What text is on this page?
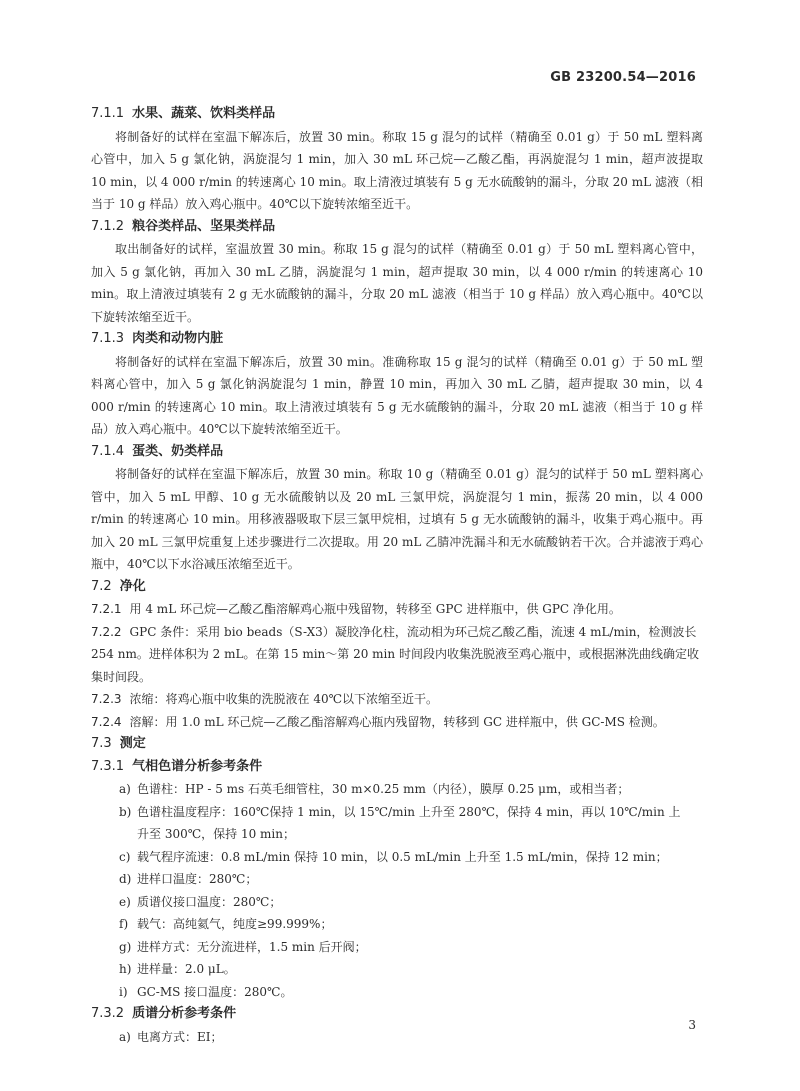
GB 23200.54—2016
7.1.1 水果、蔬菜、饮料类样品

将制备好的试样在室温下解冻后，放置 30 min。称取 15 g 混匀的试样（精确至 0.01 g）于 50 mL 塑料离心管中，加入 5 g 氯化钠，涡旋混匀 1 min，加入 30 mL 环己烷—乙酸乙酯，再涡旋混匀 1 min，超声波提取 10 min，以 4 000 r/min 的转速离心 10 min。取上清液过填装有 5 g 无水硫酸钠的漏斗，分取 20 mL 滤液（相当于 10 g 样品）放入鸡心瓶中。40℃以下旋转浓缩至近干。

7.1.2 粮谷类样品、坚果类样品

取出制备好的试样，室温放置 30 min。称取 15 g 混匀的试样（精确至 0.01 g）于 50 mL 塑料离心管中，加入 5 g 氯化钠，再加入 30 mL 乙腈，涡旋混匀 1 min，超声提取 30 min，以 4 000 r/min 的转速离心 10 min。取上清液过填装有 2 g 无水硫酸钠的漏斗，分取 20 mL 滤液（相当于 10 g 样品）放入鸡心瓶中。40℃以下旋转浓缩至近干。

7.1.3 肉类和动物内脏

将制备好的试样在室温下解冻后，放置 30 min。准确称取 15 g 混匀的试样（精确至 0.01 g）于 50 mL 塑料离心管中，加入 5 g 氯化钠涡旋混匀 1 min，静置 10 min，再加入 30 mL 乙腈，超声提取 30 min，以 4 000 r/min 的转速离心 10 min。取上清液过填装有 5 g 无水硫酸钠的漏斗，分取 20 mL 滤液（相当于 10 g 样品）放入鸡心瓶中。40℃以下旋转浓缩至近干。

7.1.4 蛋类、奶类样品

将制备好的试样在室温下解冻后，放置 30 min。称取 10 g（精确至 0.01 g）混匀的试样于 50 mL 塑料离心管中，加入 5 mL 甲醇、10 g 无水硫酸钠以及 20 mL 三氯甲烷，涡旋混匀 1 min，振荡 20 min，以 4 000 r/min 的转速离心 10 min。用移液器吸取下层三氯甲烷相，过填有 5 g 无水硫酸钠的漏斗，收集于鸡心瓶中。再加入 20 mL 三氯甲烷重复上述步骤进行二次提取。用 20 mL 乙腈冲洗漏斗和无水硫酸钠若干次。合并滤液于鸡心瓶中，40℃以下水浴减压浓缩至近干。

7.2 净化

7.2.1 用 4 mL 环己烷—乙酸乙酯溶解鸡心瓶中残留物，转移至 GPC 进样瓶中，供 GPC 净化用。

7.2.2 GPC 条件：采用 bio beads（S-X3）凝胶净化柱，流动相为环己烷乙酸乙酯，流速 4 mL/min，检测波长 254 nm。进样体积为 2 mL。在第 15 min～第 20 min 时间段内收集洗脱液至鸡心瓶中，或根据淋洗曲线确定收集时间段。

7.2.3 浓缩：将鸡心瓶中收集的洗脱液在 40℃以下浓缩至近干。

7.2.4 溶解：用 1.0 mL 环己烷—乙酸乙酯溶解鸡心瓶内残留物，转移到 GC 进样瓶中，供 GC-MS 检测。

7.3 测定
7.3.1 气相色谱分析参考条件
a) 色谱柱：HP - 5 ms 石英毛细管柱，30 m×0.25 mm（内径），膜厚 0.25 μm，或相当者；
b) 色谱柱温度程序：160℃保持 1 min，以 15℃/min 上升至 280℃，保持 4 min，再以 10℃/min 上升至 300℃，保持 10 min；
c) 载气程序流速：0.8 mL/min 保持 10 min，以 0.5 mL/min 上升至 1.5 mL/min，保持 12 min；
d) 进样口温度：280℃；
e) 质谱仪接口温度：280℃；
f) 载气：高纯氦气，纯度≥99.999%；
g) 进样方式：无分流进样，1.5 min 后开阀；
h) 进样量：2.0 μL。
i) GC-MS 接口温度：280℃。
7.3.2 质谱分析参考条件
a) 电离方式：EI；
3
